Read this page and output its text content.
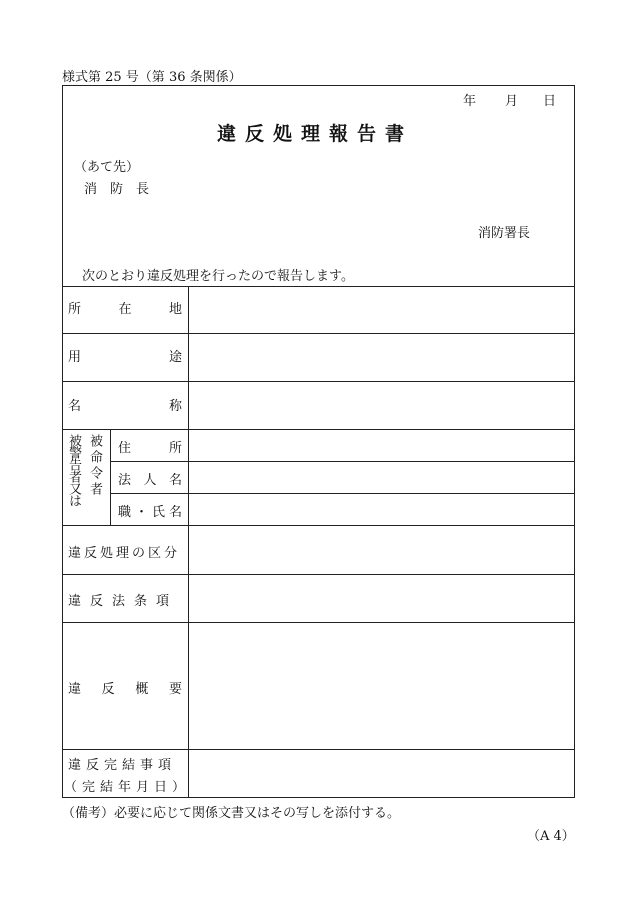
様式第 25 号（第 36 条関係）
年 月 日
違反処理報告書
（あて先）
消　防　長
消防署長
次のとおり違反処理を行ったので報告します。
所	在	地
用	途
名	称
被警告者又は 被命令者 住	所
法 人 名
職 ・ 氏 名
違反処理の区分
違反法条項
違 反 概 要
違反完結事項
（完結年月日）
（備考）必要に応じて関係文書又はその写しを添付する。
（A 4）
